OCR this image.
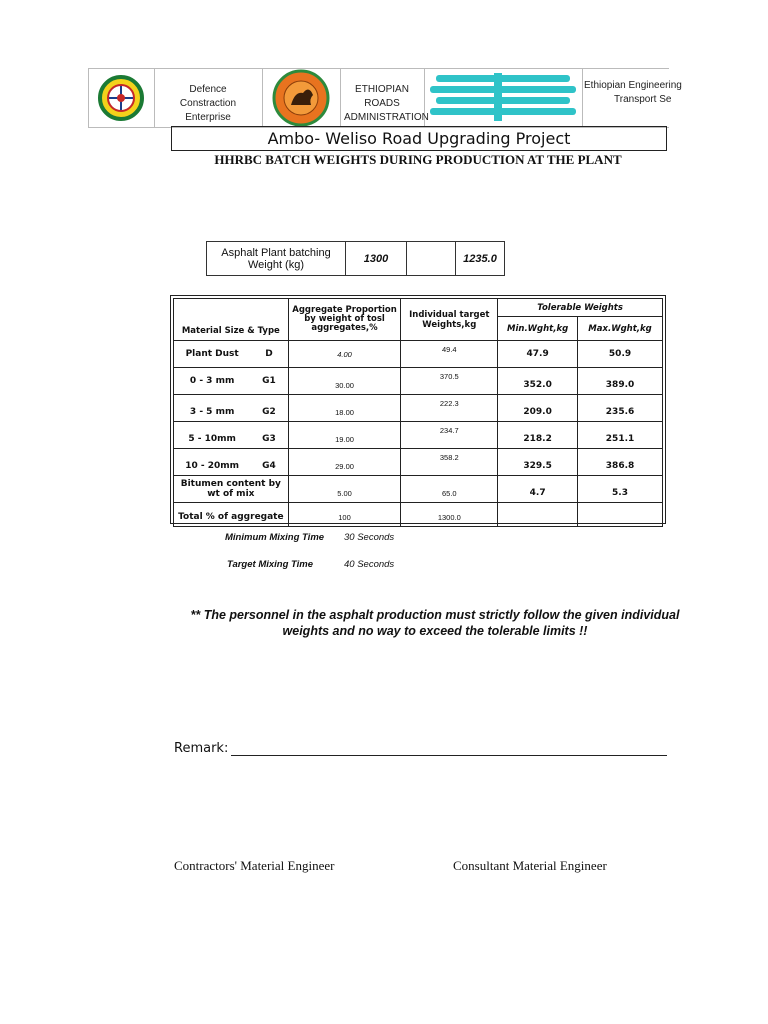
Defence Constraction Enterprise
ETHIOPIAN ROADS ADMINISTRATION
Ethiopian Engineering
Transport Se
Ambo- Weliso Road Upgrading Project
HHRBC BATCH WEIGHTS DURING PRODUCTION AT THE PLANT
Asphalt Plant batching Weight (kg)	1300		1235.0
Material Size & Type		Aggregate Proportion by weight of tosl aggregates,%	Individual target Weights,kg	Tolerable Weights	
				Min.Wght,kg	Max.Wght,kg
Plant Dust	D	4.00	49.4	47.9	50.9
0 - 3 mm	G1	30.00	370.5	352.0	389.0
3 - 5 mm	G2	18.00	222.3	209.0	235.6
5 - 10mm	G3	19.00	234.7	218.2	251.1
10 - 20mm	G4	29.00	358.2	329.5	386.8
Bitumen content by wt of mix		5.00	65.0	4.7	5.3
Total % of aggregate		100	1300.0		
Minimum Mixing Time 30 Seconds
Target Mixing Time	40 Seconds
** The personnel in the asphalt production must strictly follow the given individual weights and no way to exceed the tolerable limits !!
Remark:
Contractors' Material Engineer	Consultant Material Engineer
